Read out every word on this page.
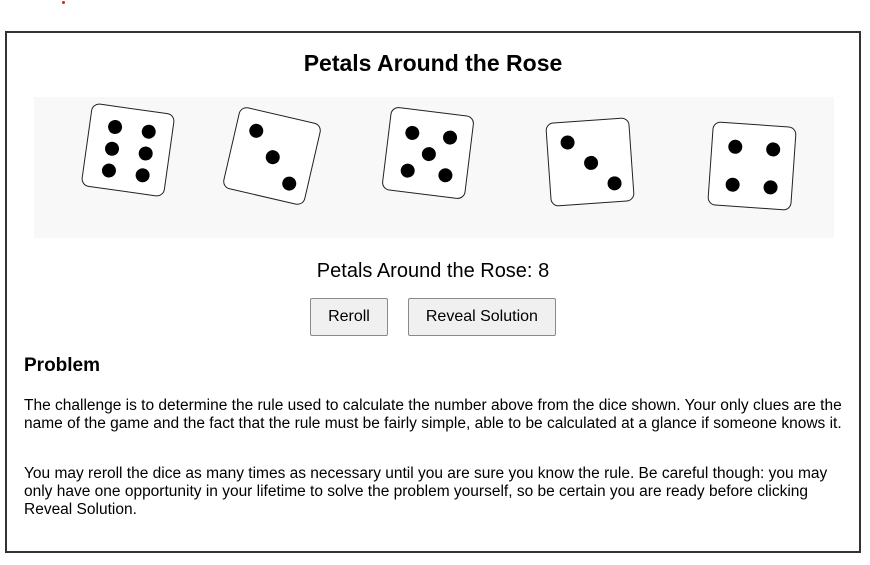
Petals Around the Rose
Petals Around the Rose: 8
Reroll	Reveal Solution
Problem

The challenge is to determine the rule used to calculate the number above from the dice shown. Your only clues are the name of the game and the fact that the rule must be fairly simple, able to be calculated at a glance if someone knows it.

You may reroll the dice as many times as necessary until you are sure you know the rule. Be careful though: you may only have one opportunity in your lifetime to solve the problem yourself, so be certain you are ready before clicking Reveal Solution.
